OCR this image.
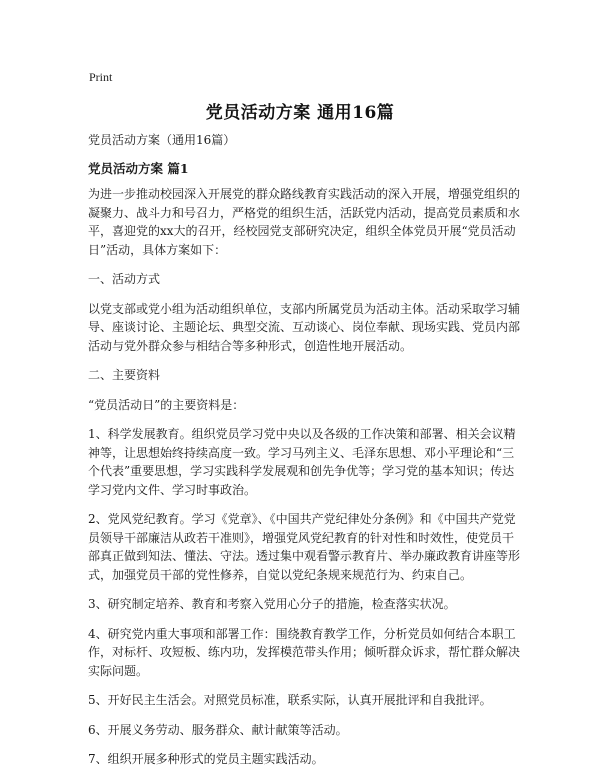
Print
党员活动方案 通用16篇

党员活动方案（通用16篇）

党员活动方案 篇1

为进一步推动校园深入开展党的群众路线教育实践活动的深入开展，增强党组织的凝聚力、战斗力和号召力，严格党的组织生活，活跃党内活动，提高党员素质和水平，喜迎党的xx大的召开，经校园党支部研究决定，组织全体党员开展“党员活动日”活动，具体方案如下：

一、活动方式

以党支部或党小组为活动组织单位，支部内所属党员为活动主体。活动采取学习辅导、座谈讨论、主题论坛、典型交流、互动谈心、岗位奉献、现场实践、党员内部活动与党外群众参与相结合等多种形式，创造性地开展活动。

二、主要资料

“党员活动日”的主要资料是：

1、科学发展教育。组织党员学习党中央以及各级的工作决策和部署、相关会议精神等，让思想始终持续高度一致。学习马列主义、毛泽东思想、邓小平理论和“三个代表”重要思想，学习实践科学发展观和创先争优等；学习党的基本知识；传达学习党内文件、学习时事政治。

2、党风党纪教育。学习《党章》、《中国共产党纪律处分条例》和《中国共产党党员领导干部廉洁从政若干准则》，增强党风党纪教育的针对性和时效性，使党员干部真正做到知法、懂法、守法。透过集中观看警示教育片、举办廉政教育讲座等形式，加强党员干部的党性修养，自觉以党纪条规来规范行为、约束自己。

3、研究制定培养、教育和考察入党用心分子的措施，检查落实状况。

4、研究党内重大事项和部署工作：围绕教育教学工作，分析党员如何结合本职工作，对标杆、攻短板、练内功，发挥模范带头作用；倾听群众诉求，帮忙群众解决实际问题。

5、开好民主生活会。对照党员标准，联系实际，认真开展批评和自我批评。

6、开展义务劳动、服务群众、献计献策等活动。

7、组织开展多种形式的党员主题实践活动。
